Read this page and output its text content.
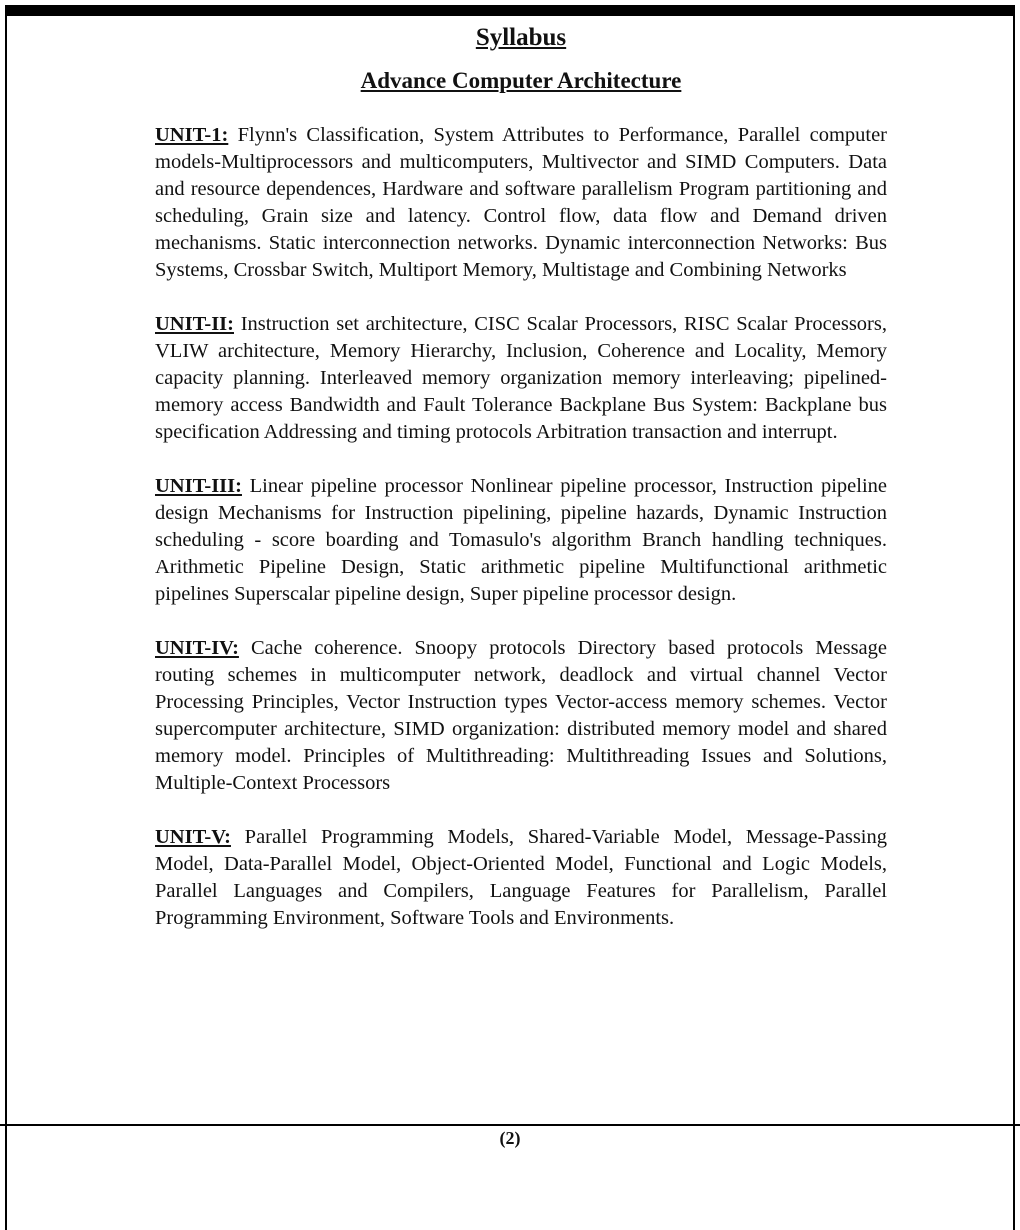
Syllabus
Advance Computer Architecture

UNIT-1: Flynn's Classification, System Attributes to Performance, Parallel computer models-Multiprocessors and multicomputers, Multivector and SIMD Computers. Data and resource dependences, Hardware and software parallelism Program partitioning and scheduling, Grain size and latency. Control flow, data flow and Demand driven mechanisms. Static interconnection networks. Dynamic interconnection Networks: Bus Systems, Crossbar Switch, Multiport Memory, Multistage and Combining Networks

UNIT-II: Instruction set architecture, CISC Scalar Processors, RISC Scalar Processors, VLIW architecture, Memory Hierarchy, Inclusion, Coherence and Locality, Memory capacity planning. Interleaved memory organization memory interleaving; pipelined-memory access Bandwidth and Fault Tolerance Backplane Bus System: Backplane bus specification Addressing and timing protocols Arbitration transaction and interrupt.

UNIT-III: Linear pipeline processor Nonlinear pipeline processor, Instruction pipeline design Mechanisms for Instruction pipelining, pipeline hazards, Dynamic Instruction scheduling - score boarding and Tomasulo's algorithm Branch handling techniques. Arithmetic Pipeline Design, Static arithmetic pipeline Multifunctional arithmetic pipelines Superscalar pipeline design, Super pipeline processor design.

UNIT-IV: Cache coherence. Snoopy protocols Directory based protocols Message routing schemes in multicomputer network, deadlock and virtual channel Vector Processing Principles, Vector Instruction types Vector-access memory schemes. Vector supercomputer architecture, SIMD organization: distributed memory model and shared memory model. Principles of Multithreading: Multithreading Issues and Solutions, Multiple-Context Processors

UNIT-V: Parallel Programming Models, Shared-Variable Model, Message-Passing Model, Data-Parallel Model, Object-Oriented Model, Functional and Logic Models, Parallel Languages and Compilers, Language Features for Parallelism, Parallel Programming Environment, Software Tools and Environments.

(2)
